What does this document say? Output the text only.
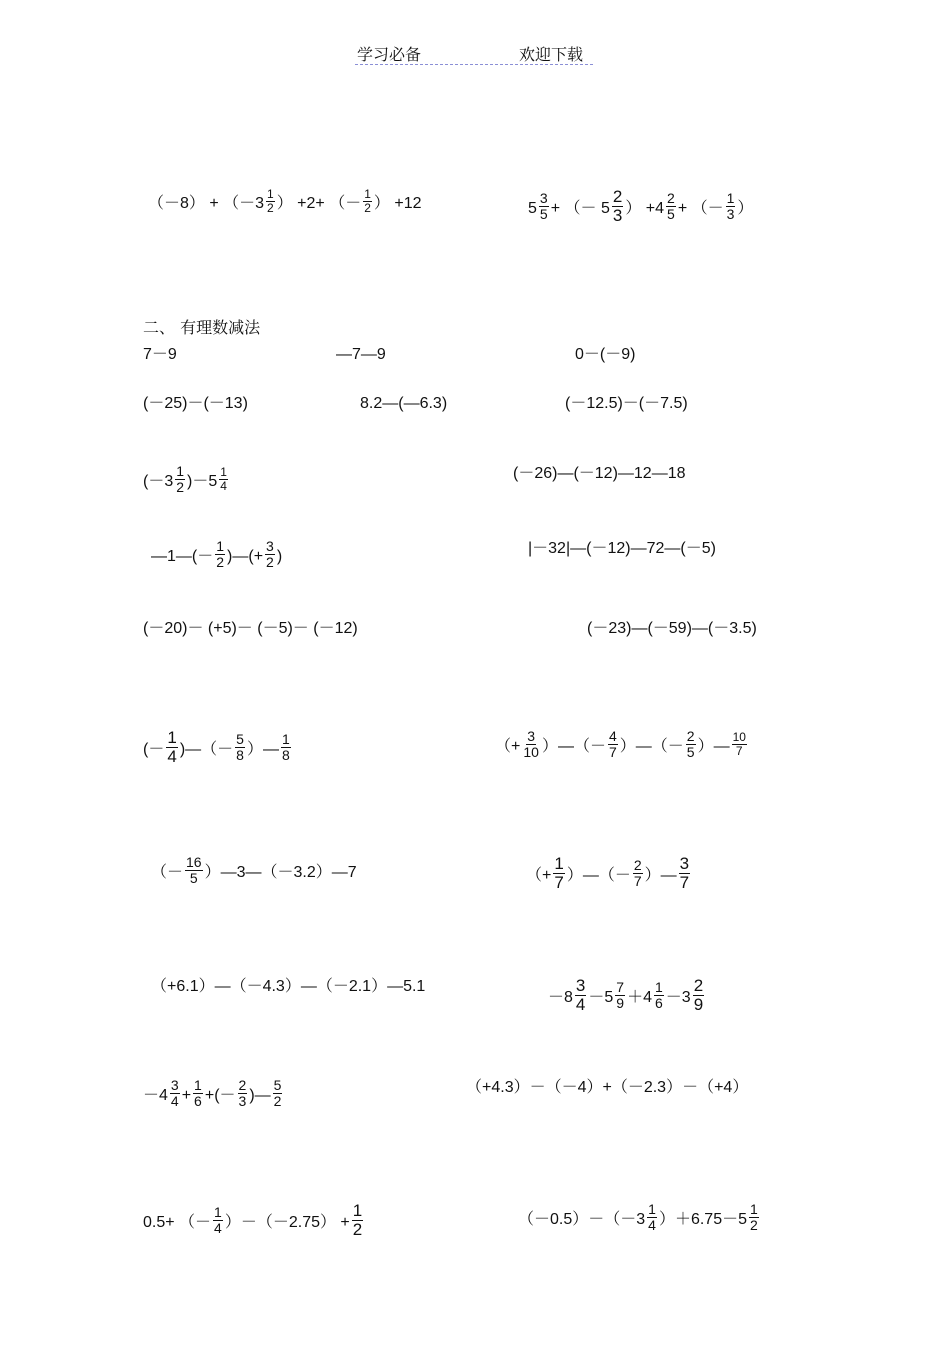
学习必备	欢迎下载
二、 有理数减法
$(-8) + (-3 \frac{1}{2}$ ） +2+ （－ $\frac{1}{2}$ ） +12	$5 \frac{3}{5}$ + （－ $5 \frac{2}{3}$ ） $+4 \frac{2}{5}$ + （－ $\frac{1}{3}$ ）
7－9	—7—9	0－(－9)
(－25)－(－13)	8.2—(—6.3)	(－12.5)－(－7.5)
$(-3 \frac{1}{2} )-5 \frac{1}{4}$	(－26)—(－12)—12—18
—1—(－ $\frac{1}{2}$ )—(+ $\frac{3}{2}$ )	|－32|—(－12)—72—(－5)
(－20)－ (+5)－ (－5)－ (－12)	(－23)—(－59)—(－3.5)
(－ $\frac{1}{4}$ )—（－ $\frac{5}{8}$ ）— $\frac{1}{8}$	（+ $\frac{3}{10}$ ）—（－ $\frac{4}{7}$ ）—（－ $\frac{2}{5}$ ）— $\frac{10}{7}$
（－ $\frac{16}{5}$ ）—3—（－3.2）—7	（+ $\frac{1}{7}$ ）—（－ $\frac{2}{7}$ ）— $\frac{3}{7}$
（+6.1）—（－4.3）—（－2.1）—5.1
$-8 \frac{3}{4} -5 \frac{7}{9} +4 \frac{1}{6} -3 \frac{2}{9}$
$-4 \frac{3}{4} + \frac{1}{6}$ +(－ $\frac{2}{3}$ )— $\frac{5}{2}$	（+4.3）－（－4）+（－2.3）－（+4）
0.5+ （－ $\frac{1}{4} )-(-2.75) + \frac{1}{2}$	$(-0.5)-(-3 \frac{1}{4} )+6.75-5 \frac{1}{2}$
